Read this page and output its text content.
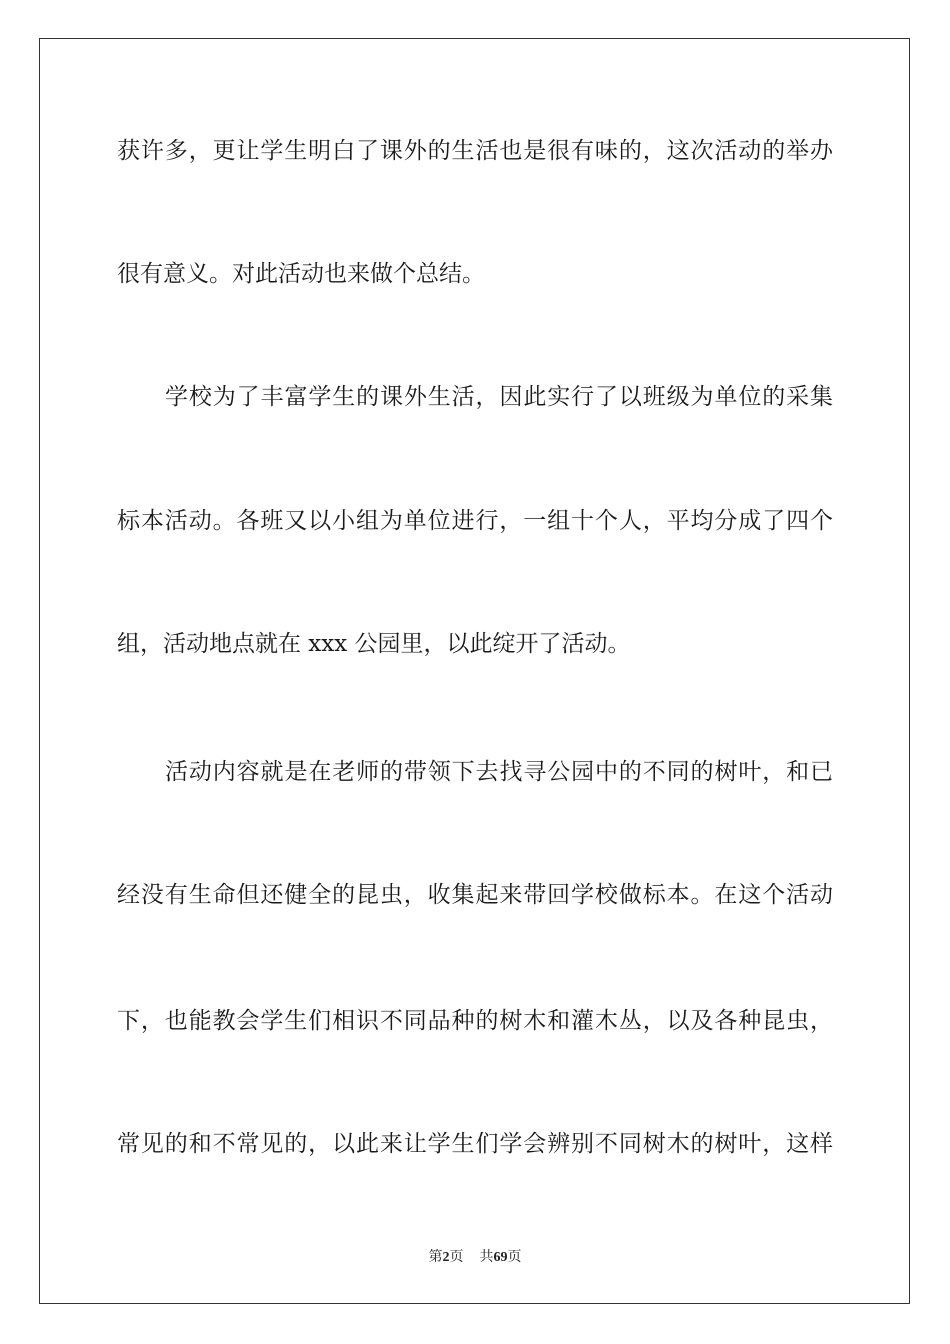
获许多，更让学生明白了课外的生活也是很有味的，这次活动的举办
很有意义。对此活动也来做个总结。
学校为了丰富学生的课外生活，因此实行了以班级为单位的采集
标本活动。各班又以小组为单位进行，一组十个人，平均分成了四个
组，活动地点就在 xxx 公园里，以此绽开了活动。
活动内容就是在老师的带领下去找寻公园中的不同的树叶，和已
经没有生命但还健全的昆虫，收集起来带回学校做标本。在这个活动
下，也能教会学生们相识不同品种的树木和灌木丛，以及各种昆虫，
常见的和不常见的，以此来让学生们学会辨别不同树木的树叶，这样
第2页 共69页
